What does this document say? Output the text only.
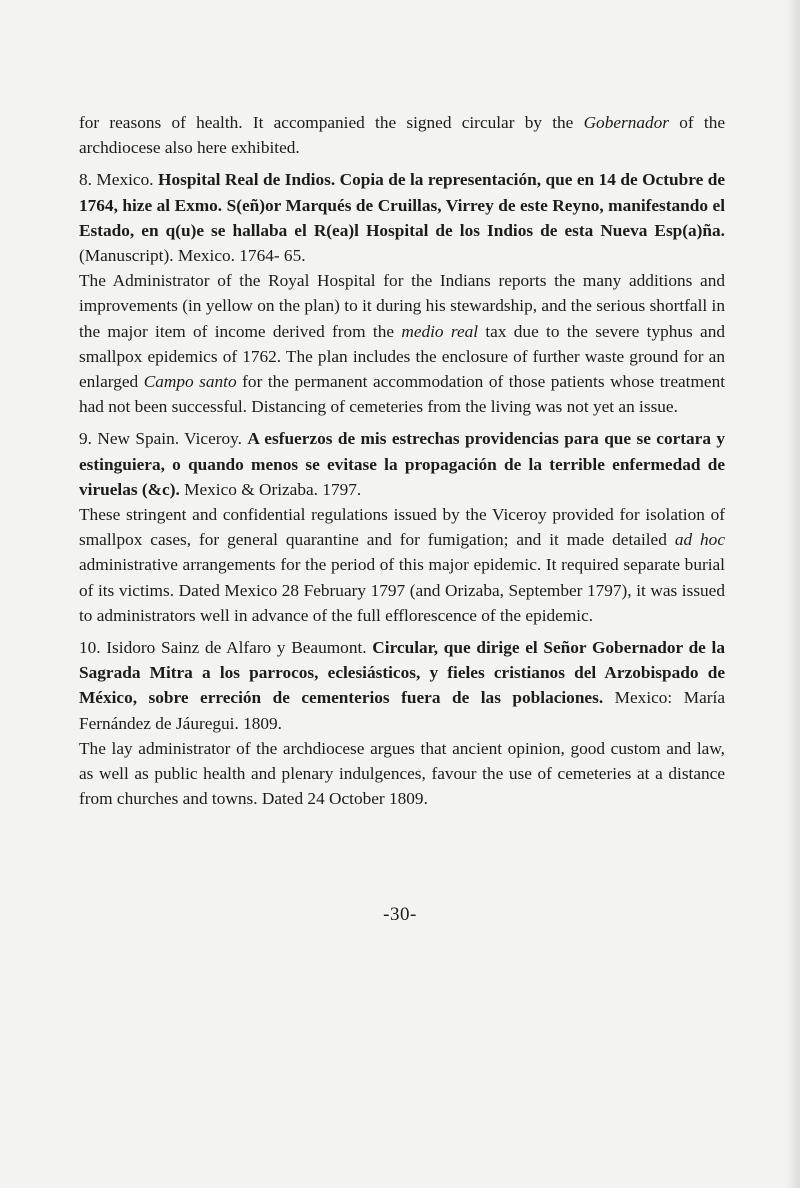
for reasons of health. It accompanied the signed circular by the Gobernador of the archdiocese also here exhibited.

8. Mexico. Hospital Real de Indios. Copia de la representación, que en 14 de Octubre de 1764, hize al Exmo. S(eñ)or Marqués de Cruillas, Virrey de este Reyno, manifestando el Estado, en q(u)e se hallaba el R(ea)l Hospital de los Indios de esta Nueva Esp(a)ña. (Manuscript). Mexico. 1764- 65.

The Administrator of the Royal Hospital for the Indians reports the many additions and improvements (in yellow on the plan) to it during his stewardship, and the serious shortfall in the major item of income derived from the medio real tax due to the severe typhus and smallpox epidemics of 1762. The plan includes the enclosure of further waste ground for an enlarged Campo santo for the permanent accommodation of those patients whose treatment had not been successful. Distancing of cemeteries from the living was not yet an issue.

9. New Spain. Viceroy. A esfuerzos de mis estrechas providencias para que se cortara y estinguiera, o quando menos se evitase la propagación de la terrible enfermedad de viruelas (&c). Mexico & Orizaba. 1797.

These stringent and confidential regulations issued by the Viceroy provided for isolation of smallpox cases, for general quarantine and for fumigation; and it made detailed ad hoc administrative arrangements for the period of this major epidemic. It required separate burial of its victims. Dated Mexico 28 February 1797 (and Orizaba, September 1797), it was issued to administrators well in advance of the full efflorescence of the epidemic.

10. Isidoro Sainz de Alfaro y Beaumont. Circular, que dirige el Señor Gobernador de la Sagrada Mitra a los parrocos, eclesiásticos, y fieles cristianos del Arzobispado de México, sobre erreción de cementerios fuera de las poblaciones. Mexico: María Fernández de Jáuregui. 1809.

The lay administrator of the archdiocese argues that ancient opinion, good custom and law, as well as public health and plenary indulgences, favour the use of cemeteries at a distance from churches and towns. Dated 24 October 1809.

-30-
